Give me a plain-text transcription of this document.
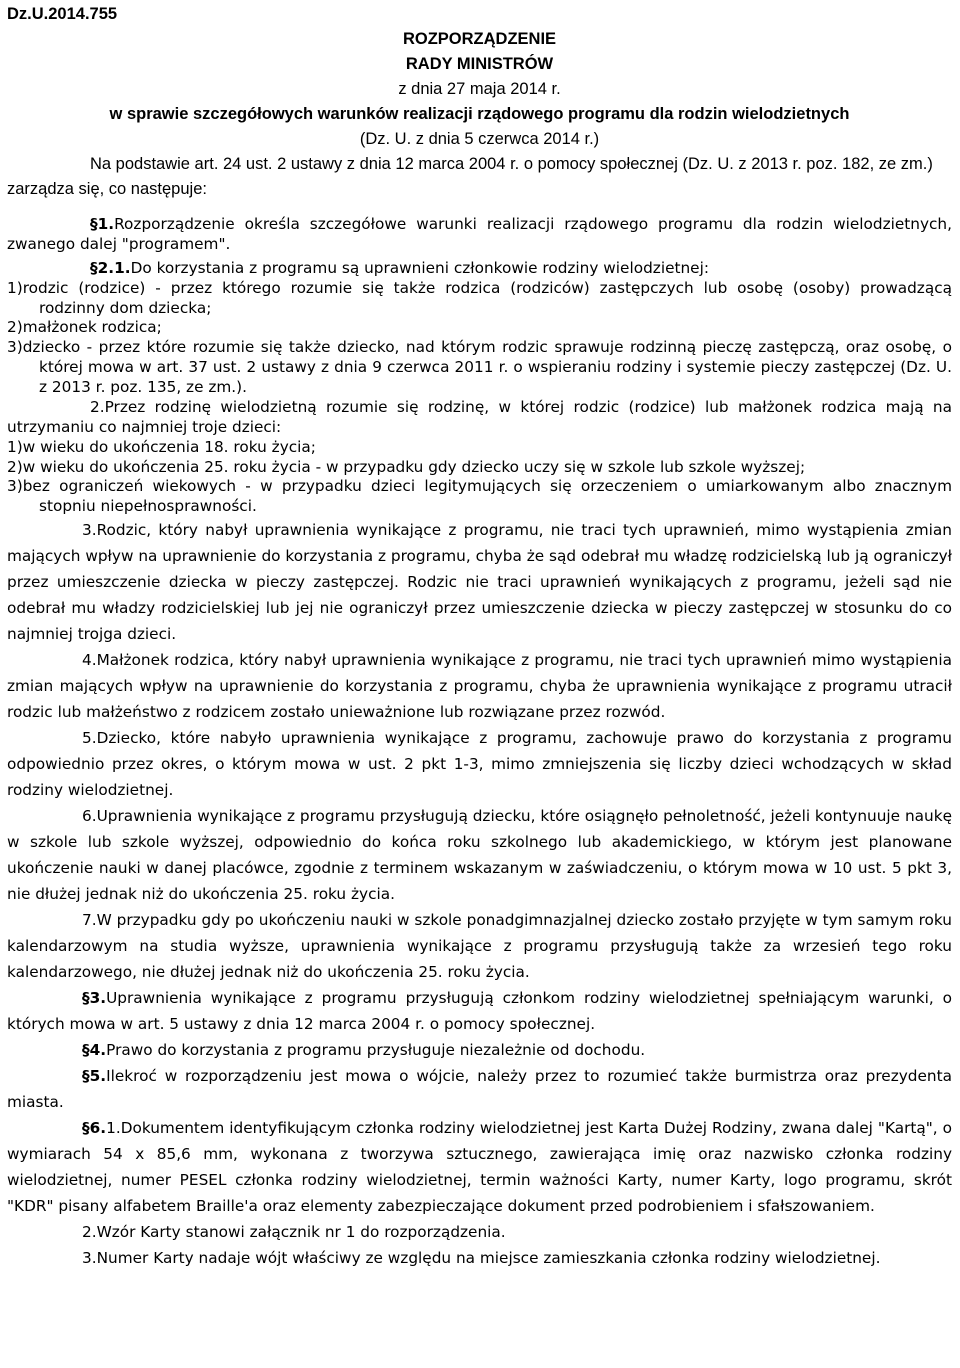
Dz.U.2014.755

ROZPORZĄDZENIE

RADY MINISTRÓW

z dnia 27 maja 2014 r.

w sprawie szczegółowych warunków realizacji rządowego programu dla rodzin wielodzietnych

(Dz. U. z dnia 5 czerwca 2014 r.)

Na podstawie art. 24 ust. 2 ustawy z dnia 12 marca 2004 r. o pomocy społecznej (Dz. U. z 2013 r. poz. 182, ze zm.) zarządza się, co następuje:

§1.Rozporządzenie określa szczegółowe warunki realizacji rządowego programu dla rodzin wielodzietnych, zwanego dalej "programem".

§2.1.Do korzystania z programu są uprawnieni członkowie rodziny wielodzietnej:

1)rodzic (rodzice) - przez którego rozumie się także rodzica (rodziców) zastępczych lub osobę (osoby) prowadzącą rodzinny dom dziecka;

2)małżonek rodzica;

3)dziecko - przez które rozumie się także dziecko, nad którym rodzic sprawuje rodzinną pieczę zastępczą, oraz osobę, o której mowa w art. 37 ust. 2 ustawy z dnia 9 czerwca 2011 r. o wspieraniu rodziny i systemie pieczy zastępczej (Dz. U. z 2013 r. poz. 135, ze zm.).

2.Przez rodzinę wielodzietną rozumie się rodzinę, w której rodzic (rodzice) lub małżonek rodzica mają na utrzymaniu co najmniej troje dzieci:

1)w wieku do ukończenia 18. roku życia;

2)w wieku do ukończenia 25. roku życia - w przypadku gdy dziecko uczy się w szkole lub szkole wyższej;

3)bez ograniczeń wiekowych - w przypadku dzieci legitymujących się orzeczeniem o umiarkowanym albo znacznym stopniu niepełnosprawności.

3.Rodzic, który nabył uprawnienia wynikające z programu, nie traci tych uprawnień, mimo wystąpienia zmian mających wpływ na uprawnienie do korzystania z programu, chyba że sąd odebrał mu władzę rodzicielską lub ją ograniczył przez umieszczenie dziecka w pieczy zastępczej. Rodzic nie traci uprawnień wynikających z programu, jeżeli sąd nie odebrał mu władzy rodzicielskiej lub jej nie ograniczył przez umieszczenie dziecka w pieczy zastępczej w stosunku do co najmniej trojga dzieci.

4.Małżonek rodzica, który nabył uprawnienia wynikające z programu, nie traci tych uprawnień mimo wystąpienia zmian mających wpływ na uprawnienie do korzystania z programu, chyba że uprawnienia wynikające z programu utracił rodzic lub małżeństwo z rodzicem zostało unieważnione lub rozwiązane przez rozwód.

5.Dziecko, które nabyło uprawnienia wynikające z programu, zachowuje prawo do korzystania z programu odpowiednio przez okres, o którym mowa w ust. 2 pkt 1-3, mimo zmniejszenia się liczby dzieci wchodzących w skład rodziny wielodzietnej.

6.Uprawnienia wynikające z programu przysługują dziecku, które osiągnęło pełnoletność, jeżeli kontynuuje naukę w szkole lub szkole wyższej, odpowiednio do końca roku szkolnego lub akademickiego, w którym jest planowane ukończenie nauki w danej placówce, zgodnie z terminem wskazanym w zaświadczeniu, o którym mowa w 10 ust. 5 pkt 3, nie dłużej jednak niż do ukończenia 25. roku życia.

7.W przypadku gdy po ukończeniu nauki w szkole ponadgimnazjalnej dziecko zostało przyjęte w tym samym roku kalendarzowym na studia wyższe, uprawnienia wynikające z programu przysługują także za wrzesień tego roku kalendarzowego, nie dłużej jednak niż do ukończenia 25. roku życia.

§3.Uprawnienia wynikające z programu przysługują członkom rodziny wielodzietnej spełniającym warunki, o których mowa w art. 5 ustawy z dnia 12 marca 2004 r. o pomocy społecznej.

§4.Prawo do korzystania z programu przysługuje niezależnie od dochodu.

§5.Ilekroć w rozporządzeniu jest mowa o wójcie, należy przez to rozumieć także burmistrza oraz prezydenta miasta.

§6.1.Dokumentem identyfikującym członka rodziny wielodzietnej jest Karta Dużej Rodziny, zwana dalej "Kartą", o wymiarach 54 x 85,6 mm, wykonana z tworzywa sztucznego, zawierająca imię oraz nazwisko członka rodziny wielodzietnej, numer PESEL członka rodziny wielodzietnej, termin ważności Karty, numer Karty, logo programu, skrót "KDR" pisany alfabetem Braille'a oraz elementy zabezpieczające dokument przed podrobieniem i sfałszowaniem.

2.Wzór Karty stanowi załącznik nr 1 do rozporządzenia.

3.Numer Karty nadaje wójt właściwy ze względu na miejsce zamieszkania członka rodziny wielodzietnej.
